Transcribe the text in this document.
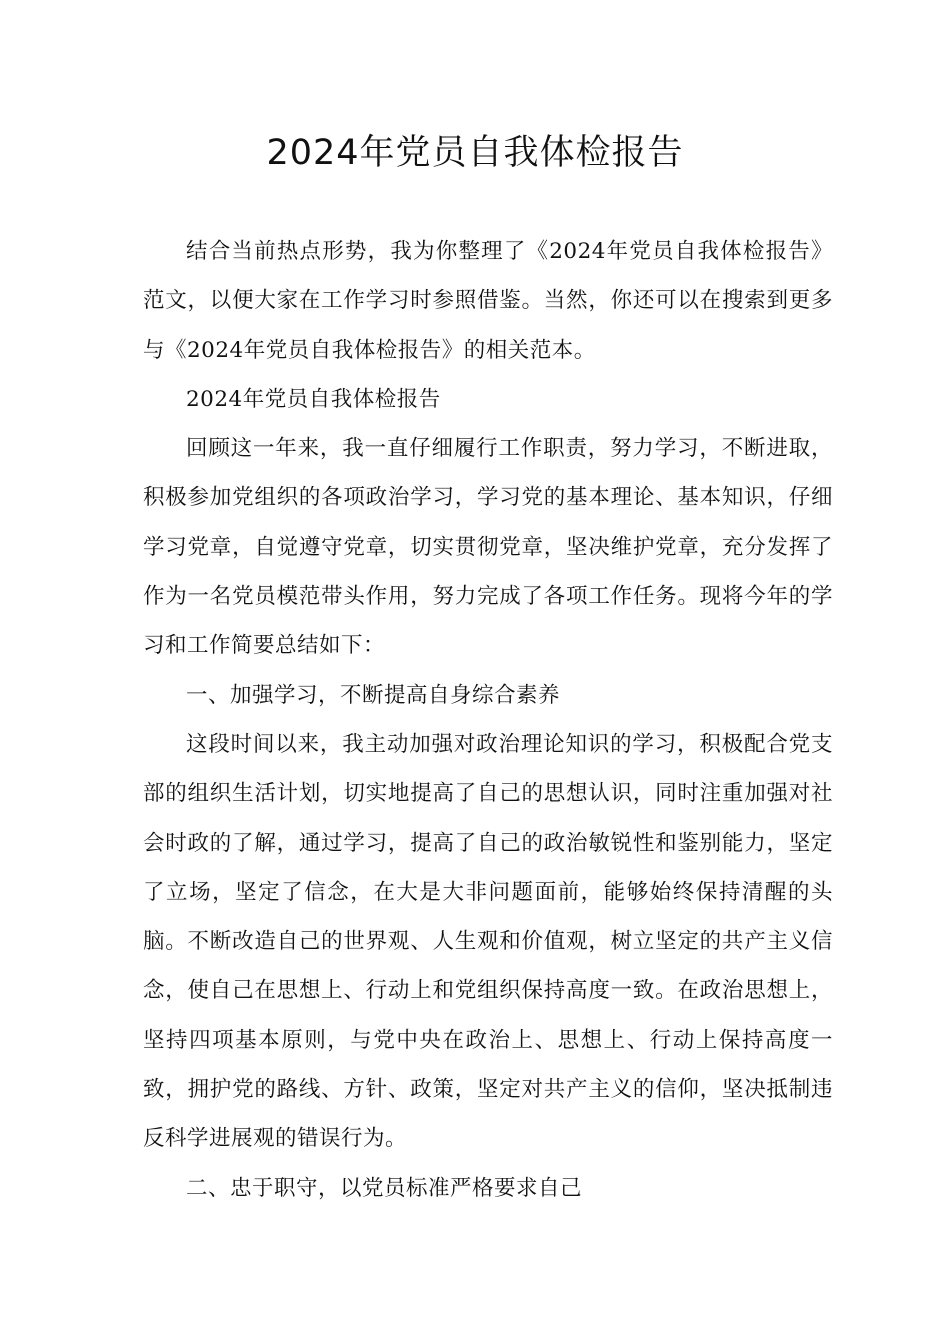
2024年党员自我体检报告

结合当前热点形势，我为你整理了《2024年党员自我体检报告》范文，以便大家在工作学习时参照借鉴。当然，你还可以在搜索到更多与《2024年党员自我体检报告》的相关范本。

2024年党员自我体检报告

回顾这一年来，我一直仔细履行工作职责，努力学习，不断进取，积极参加党组织的各项政治学习，学习党的基本理论、基本知识，仔细学习党章，自觉遵守党章，切实贯彻党章，坚决维护党章，充分发挥了作为一名党员模范带头作用，努力完成了各项工作任务。现将今年的学习和工作简要总结如下：

一、加强学习，不断提高自身综合素养

这段时间以来，我主动加强对政治理论知识的学习，积极配合党支部的组织生活计划，切实地提高了自己的思想认识，同时注重加强对社会时政的了解，通过学习，提高了自己的政治敏锐性和鉴别能力，坚定了立场，坚定了信念，在大是大非问题面前，能够始终保持清醒的头脑。不断改造自己的世界观、人生观和价值观，树立坚定的共产主义信念，使自己在思想上、行动上和党组织保持高度一致。在政治思想上，坚持四项基本原则，与党中央在政治上、思想上、行动上保持高度一致，拥护党的路线、方针、政策，坚定对共产主义的信仰，坚决抵制违反科学进展观的错误行为。

二、忠于职守，以党员标准严格要求自己
